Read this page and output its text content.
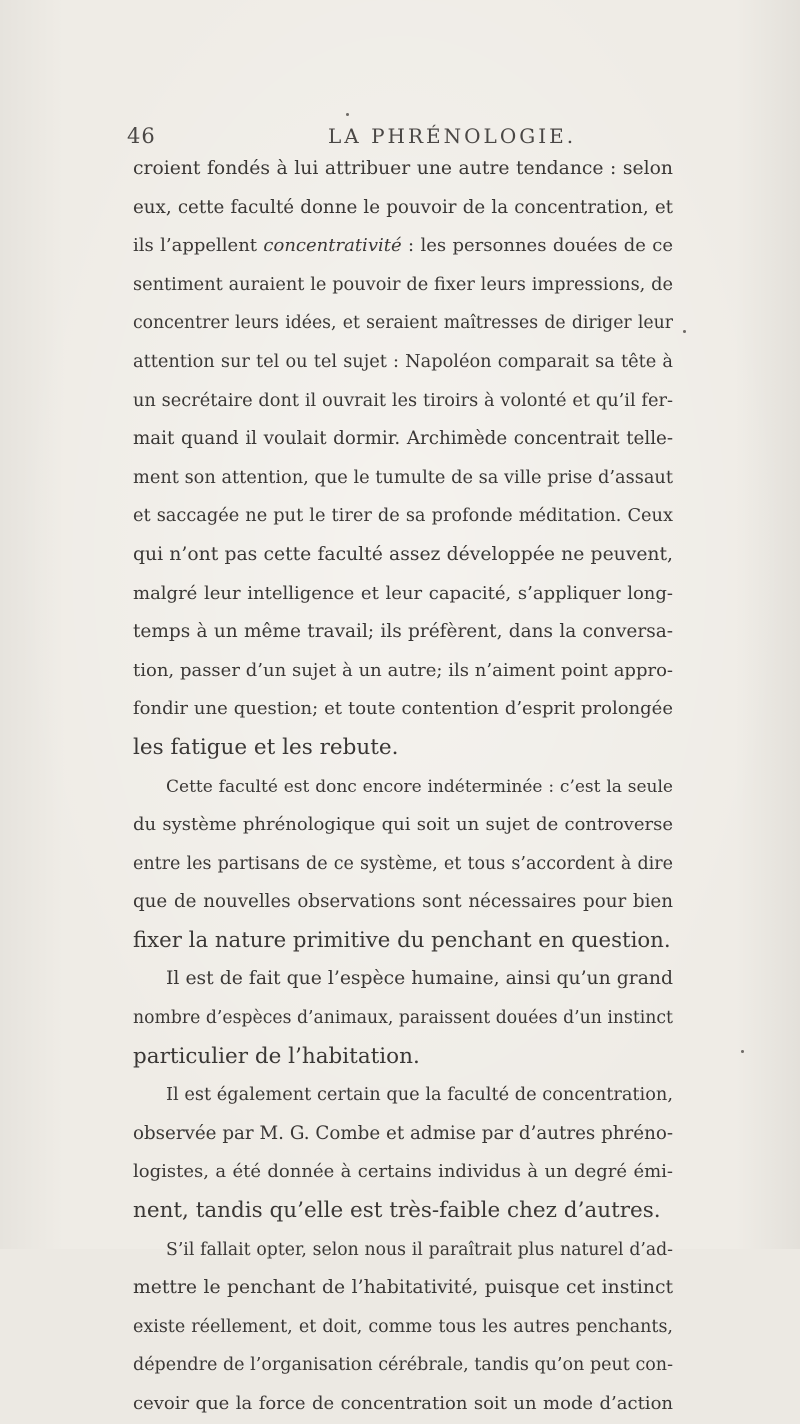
46	LA PHRÉNOLOGIE.
croient fondés à lui attribuer une autre tendance : selon
eux, cette faculté donne le pouvoir de la concentration, et
ils l’appellent concentrativité : les personnes douées de ce
sentiment auraient le pouvoir de fixer leurs impressions, de
concentrer leurs idées, et seraient maîtresses de diriger leur
attention sur tel ou tel sujet : Napoléon comparait sa tête à
un secrétaire dont il ouvrait les tiroirs à volonté et qu’il fer-
mait quand il voulait dormir. Archimède concentrait telle-
ment son attention, que le tumulte de sa ville prise d’assaut
et saccagée ne put le tirer de sa profonde méditation. Ceux
qui n’ont pas cette faculté assez développée ne peuvent,
malgré leur intelligence et leur capacité, s’appliquer long-
temps à un même travail; ils préfèrent, dans la conversa-
tion, passer d’un sujet à un autre; ils n’aiment point appro-
fondir une question; et toute contention d’esprit prolongée
les fatigue et les rebute.
Cette faculté est donc encore indéterminée : c’est la seule
du système phrénologique qui soit un sujet de controverse
entre les partisans de ce système, et tous s’accordent à dire
que de nouvelles observations sont nécessaires pour bien
fixer la nature primitive du penchant en question.
Il est de fait que l’espèce humaine, ainsi qu’un grand
nombre d’espèces d’animaux, paraissent douées d’un instinct
particulier de l’habitation.
Il est également certain que la faculté de concentration,
observée par M. G. Combe et admise par d’autres phréno-
logistes, a été donnée à certains individus à un degré émi-
nent, tandis qu’elle est très-faible chez d’autres.
S’il fallait opter, selon nous il paraîtrait plus naturel d’ad-
mettre le penchant de l’habitativité, puisque cet instinct
existe réellement, et doit, comme tous les autres penchants,
dépendre de l’organisation cérébrale, tandis qu’on peut con-
cevoir que la force de concentration soit un mode d’action
